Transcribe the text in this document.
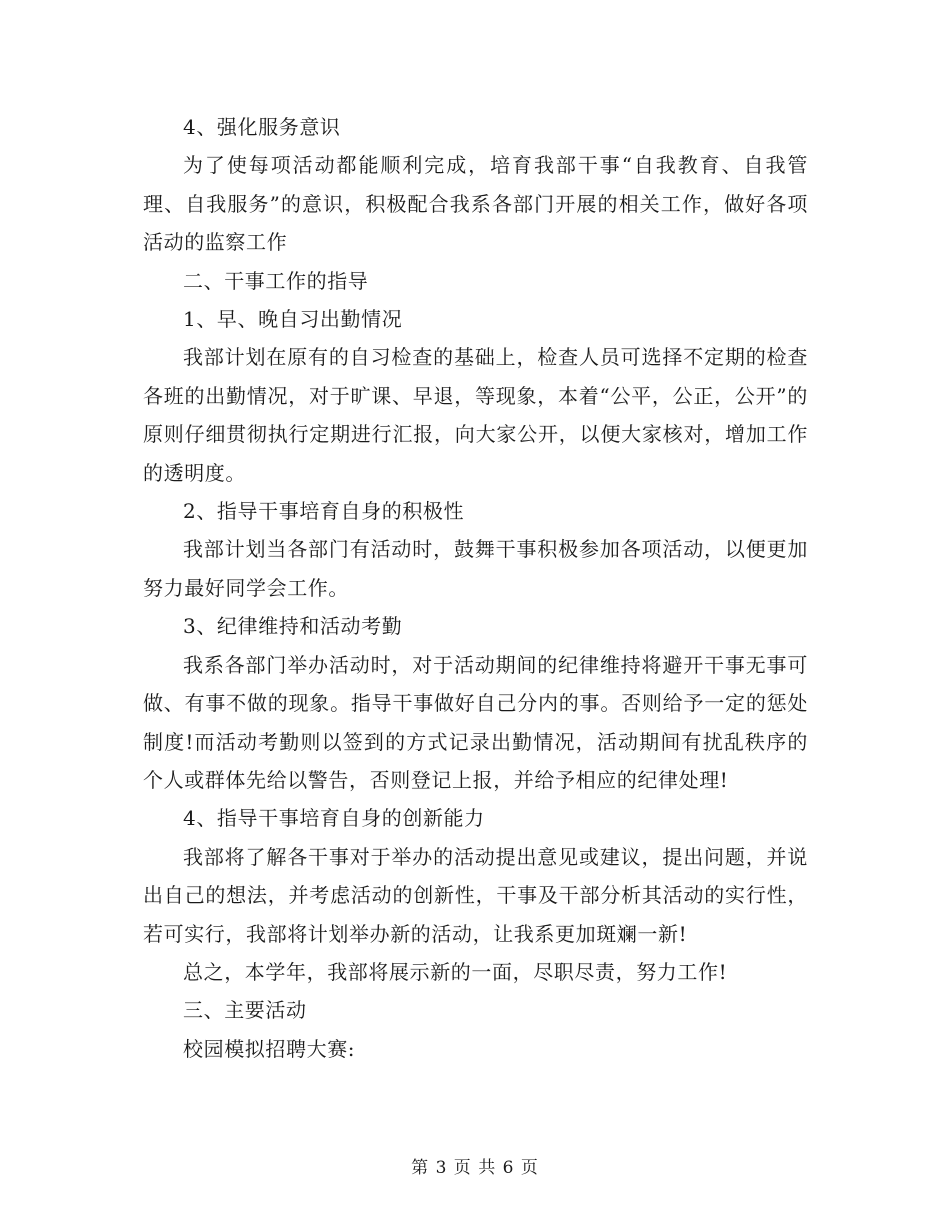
4、强化服务意识

为了使每项活动都能顺利完成，培育我部干事“自我教育、自我管理、自我服务”的意识，积极配合我系各部门开展的相关工作，做好各项活动的监察工作

二、干事工作的指导

1、早、晚自习出勤情况

我部计划在原有的自习检查的基础上，检查人员可选择不定期的检查各班的出勤情况，对于旷课、早退，等现象，本着“公平，公正，公开”的原则仔细贯彻执行定期进行汇报，向大家公开，以便大家核对，增加工作的透明度。

2、指导干事培育自身的积极性

我部计划当各部门有活动时，鼓舞干事积极参加各项活动，以便更加努力最好同学会工作。

3、纪律维持和活动考勤

我系各部门举办活动时，对于活动期间的纪律维持将避开干事无事可做、有事不做的现象。指导干事做好自己分内的事。否则给予一定的惩处制度!而活动考勤则以签到的方式记录出勤情况，活动期间有扰乱秩序的个人或群体先给以警告，否则登记上报，并给予相应的纪律处理!

4、指导干事培育自身的创新能力

我部将了解各干事对于举办的活动提出意见或建议，提出问题，并说出自己的想法，并考虑活动的创新性，干事及干部分析其活动的实行性，若可实行，我部将计划举办新的活动，让我系更加斑斓一新!

总之，本学年，我部将展示新的一面，尽职尽责，努力工作!

三、主要活动

校园模拟招聘大赛:

第 3 页 共 6 页
